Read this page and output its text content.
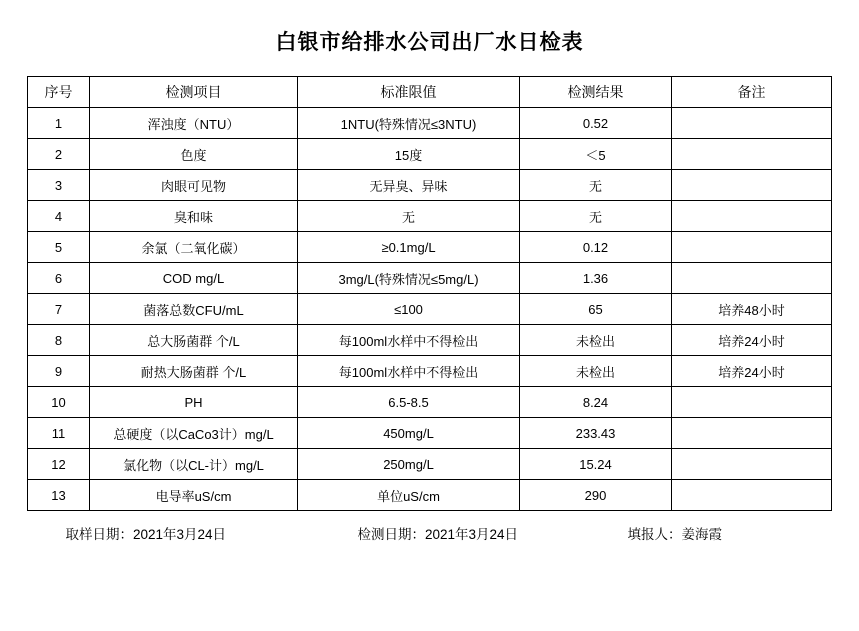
白银市给排水公司出厂水日检表
序号	检测项目	标准限值	检测结果	备注
1	浑浊度（NTU）	1NTU(特殊情况≤3NTU)	0.52	
2	色度	15度	＜5	
3	肉眼可见物	无异臭、异味	无	
4	臭和味	无	无	
5	余氯（二氧化碳）	≥0.1mg/L	0.12	
6	COD mg/L	3mg/L(特殊情况≤5mg/L)	1.36	
7	菌落总数CFU/mL	≤100	65	培养48小时
8	总大肠菌群 个/L	每100ml水样中不得检出	未检出	培养24小时
9	耐热大肠菌群 个/L	每100ml水样中不得检出	未检出	培养24小时
10	PH	6.5-8.5	8.24	
11	总硬度（以CaCo3计）mg/L	450mg/L	233.43	
12	氯化物（以CL-计）mg/L	250mg/L	15.24	
13	电导率uS/cm	单位uS/cm	290	
取样日期：2021年3月24日	检测日期：2021年3月24日	填报人：姜海霞
